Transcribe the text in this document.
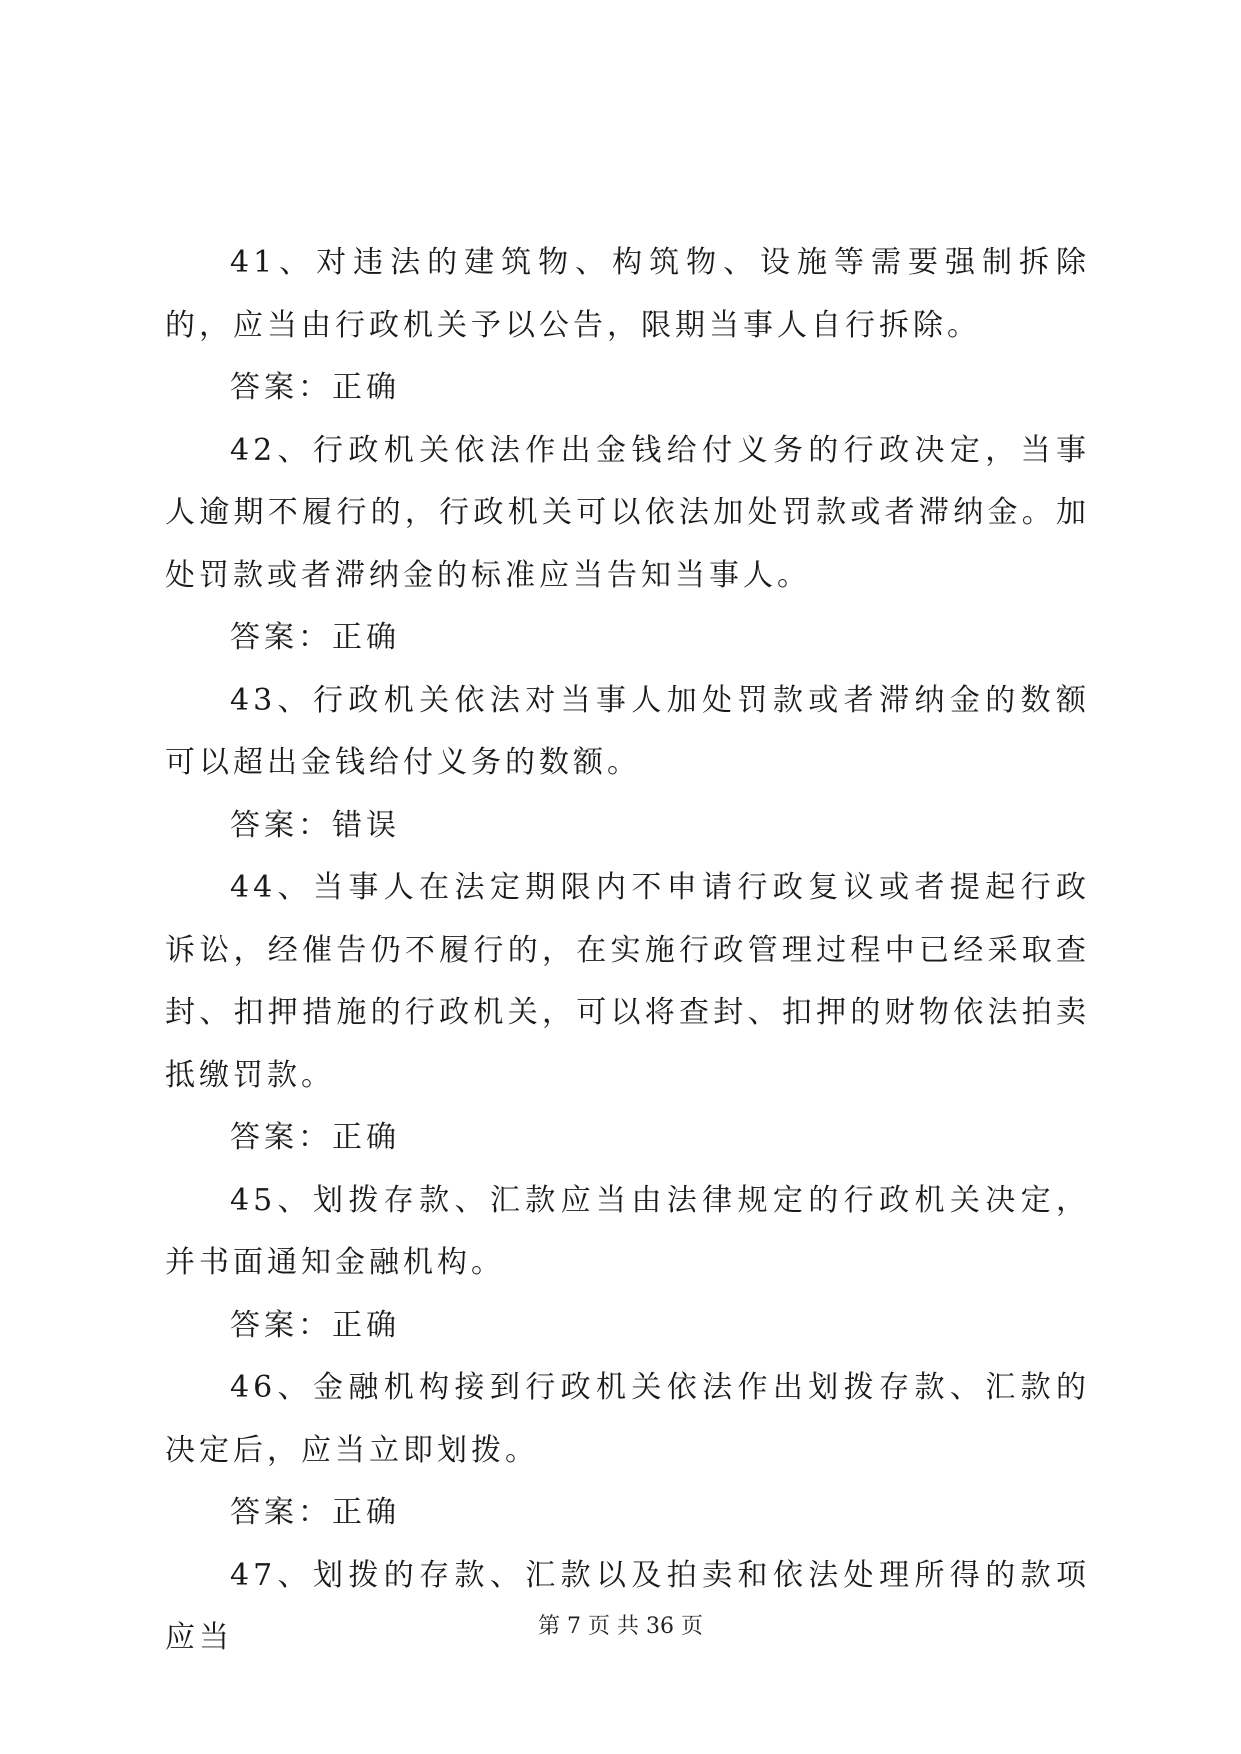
41、对违法的建筑物、构筑物、设施等需要强制拆除的，应当由行政机关予以公告，限期当事人自行拆除。

答案：正确

42、行政机关依法作出金钱给付义务的行政决定，当事人逾期不履行的，行政机关可以依法加处罚款或者滞纳金。加处罚款或者滞纳金的标准应当告知当事人。

答案：正确

43、行政机关依法对当事人加处罚款或者滞纳金的数额可以超出金钱给付义务的数额。

答案：错误

44、当事人在法定期限内不申请行政复议或者提起行政诉讼，经催告仍不履行的，在实施行政管理过程中已经采取查封、扣押措施的行政机关，可以将查封、扣押的财物依法拍卖抵缴罚款。

答案：正确

45、划拨存款、汇款应当由法律规定的行政机关决定，并书面通知金融机构。

答案：正确

46、金融机构接到行政机关依法作出划拨存款、汇款的决定后，应当立即划拨。

答案：正确

47、划拨的存款、汇款以及拍卖和依法处理所得的款项应当	第 7 页 共 36 页
